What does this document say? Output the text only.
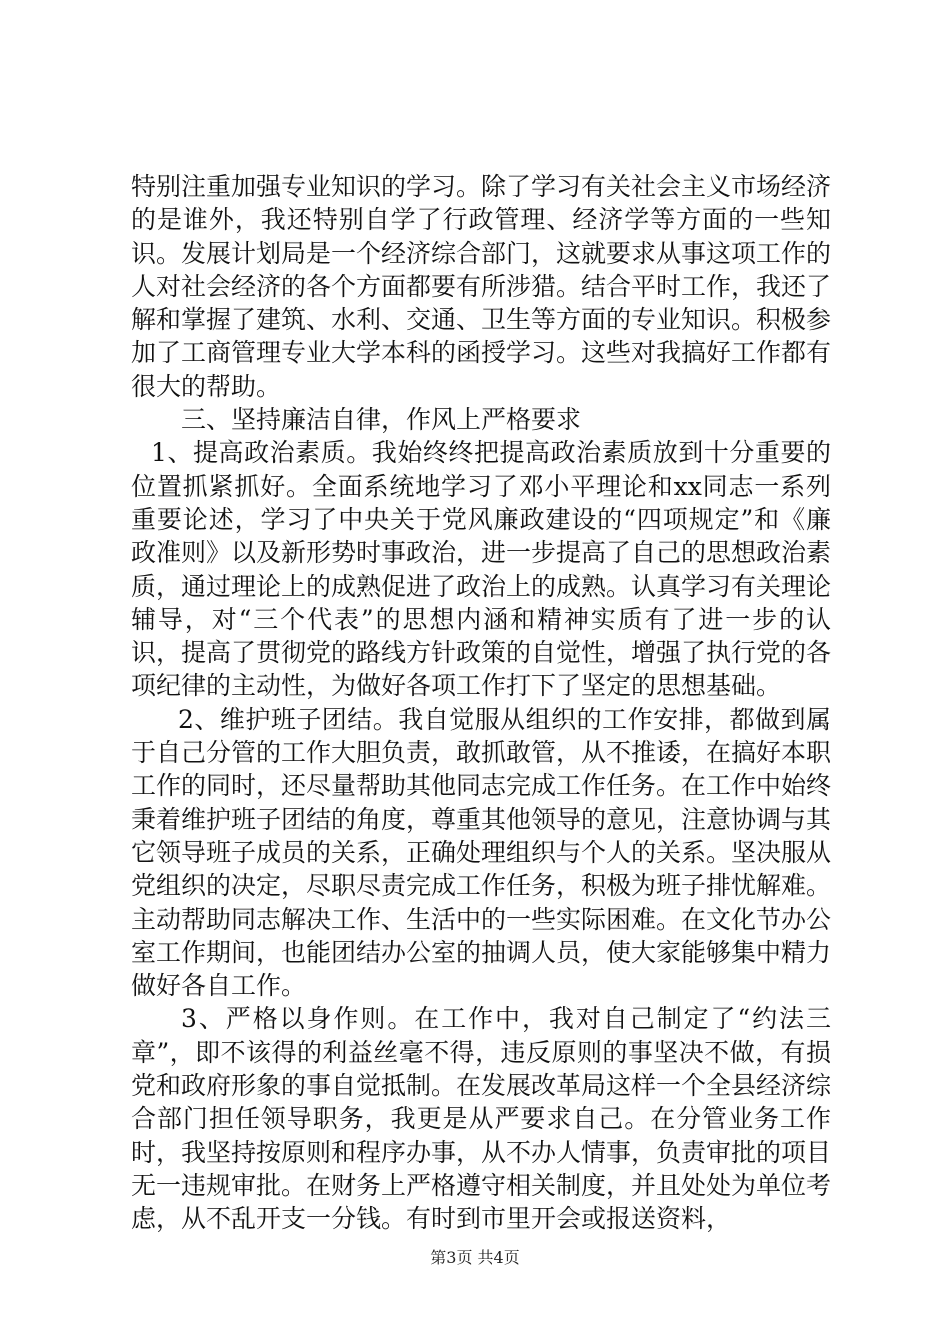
特别注重加强专业知识的学习。除了学习有关社会主义市场经济的是谁外，我还特别自学了行政管理、经济学等方面的一些知识。发展计划局是一个经济综合部门，这就要求从事这项工作的人对社会经济的各个方面都要有所涉猎。结合平时工作，我还了解和掌握了建筑、水利、交通、卫生等方面的专业知识。积极参加了工商管理专业大学本科的函授学习。这些对我搞好工作都有很大的帮助。

三、坚持廉洁自律，作风上严格要求

1、提高政治素质。我始终终把提高政治素质放到十分重要的位置抓紧抓好。全面系统地学习了邓小平理论和xx同志一系列重要论述，学习了中央关于党风廉政建设的“四项规定”和《廉政准则》以及新形势时事政治，进一步提高了自己的思想政治素质，通过理论上的成熟促进了政治上的成熟。认真学习有关理论辅导，对“三个代表”的思想内涵和精神实质有了进一步的认识，提高了贯彻党的路线方针政策的自觉性，增强了执行党的各项纪律的主动性，为做好各项工作打下了坚定的思想基础。

2、维护班子团结。我自觉服从组织的工作安排，都做到属于自己分管的工作大胆负责，敢抓敢管，从不推诿，在搞好本职工作的同时，还尽量帮助其他同志完成工作任务。在工作中始终秉着维护班子团结的角度，尊重其他领导的意见，注意协调与其它领导班子成员的关系，正确处理组织与个人的关系。坚决服从党组织的决定，尽职尽责完成工作任务，积极为班子排忧解难。主动帮助同志解决工作、生活中的一些实际困难。在文化节办公室工作期间，也能团结办公室的抽调人员，使大家能够集中精力做好各自工作。

3、严格以身作则。在工作中，我对自己制定了“约法三章”，即不该得的利益丝毫不得，违反原则的事坚决不做，有损党和政府形象的事自觉抵制。在发展改革局这样一个全县经济综合部门担任领导职务，我更是从严要求自己。在分管业务工作时，我坚持按原则和程序办事，从不办人情事，负责审批的项目无一违规审批。在财务上严格遵守相关制度，并且处处为单位考虑，从不乱开支一分钱。有时到市里开会或报送资料，

第3页 共4页
